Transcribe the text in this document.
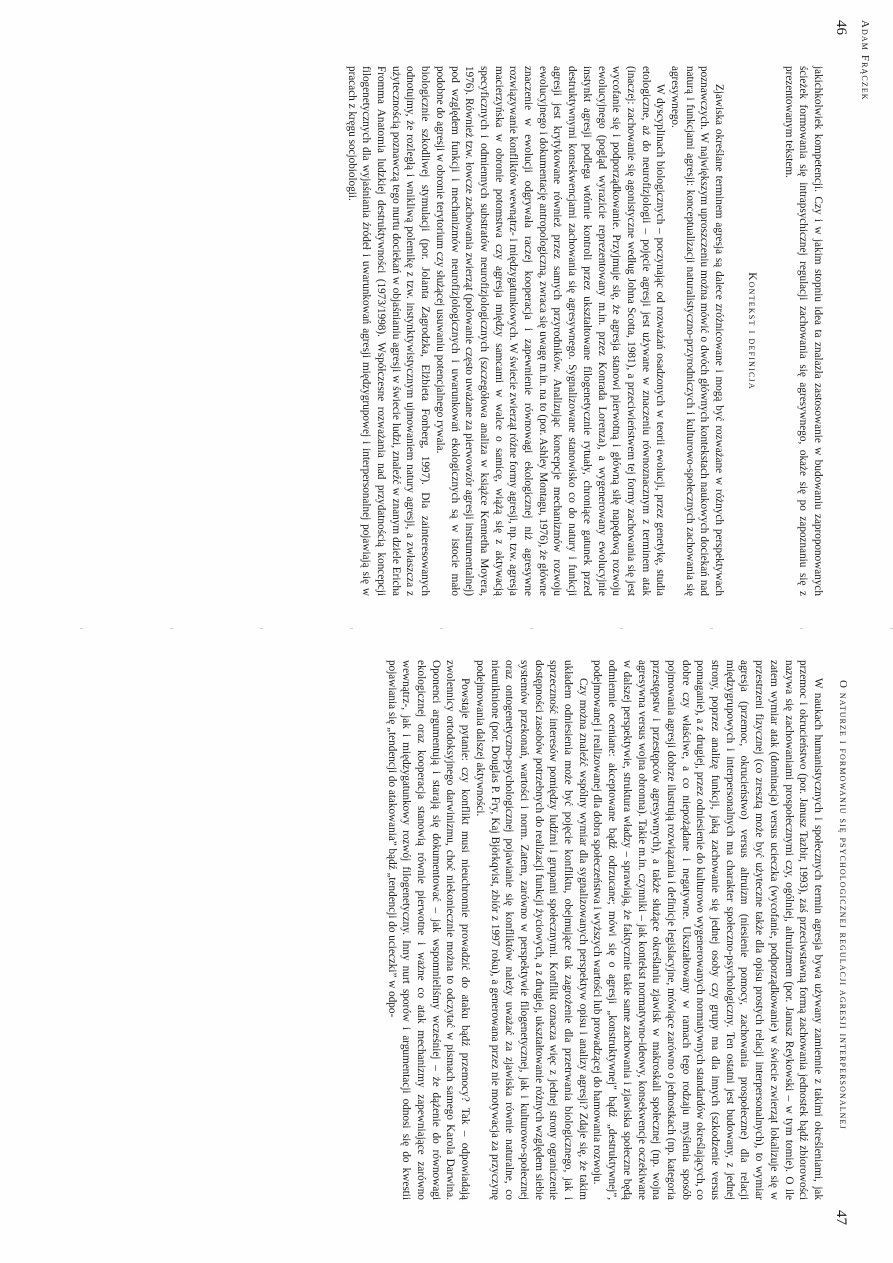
Adam Frączek
46

jakichkolwiek kompetencji. Czy i w jakim stopniu idea ta znalazła zastosowanie w budowaniu zaproponowanych ścieżek formowania się intrapsychicznej regulacji zachowania się agresywnego, okaże się po zapoznaniu się z prezentowanym tekstem.

Kontekst i definicja

Zjawiska określane terminem agresja są dalece zróżnicowane i mogą być rozważane w różnych perspektywach poznawczych. W największym uproszczeniu można mówić o dwóch głównych kontekstach naukowych dociekań nad naturą i funkcjami agresji: konceptualizacji naturalistyczno-przyrodniczych i kulturowo-społecznych zachowania się agresywnego.

W dyscyplinach biologicznych – poczynając od rozważań osadzonych w teorii ewolucji, przez genetykę, studia etologiczne, aż do neurofizjologii – pojęcie agresji jest używane w znaczeniu równoznacznym z terminem atak (inaczej: zachowanie się agonistyczne według Johna Scotta, 1981), a przeciwieństwem tej formy zachowania się jest wycofanie się i podporządkowanie. Przyjmuje się, że agresja stanowi pierwotną i główną siłę napędową rozwoju ewolucyjnego (pogląd wyrazicie reprezentowany m.in. przez Konrada Lorenza), a wygenerowany ewolucyjnie instynkt agresji podlega wtórnie kontroli przez ukształtowane filogenetycznie rytuały, chroniące gatunek przed destruktywnymi konsekwencjami zachowania się agresywnego. Sygnalizowane stanowisko co do natury i funkcji agresji jest krytykowane również przez samych przyrodników. Analizując koncepcje mechanizmów rozwoju ewolucyjnego i dokumentację antropologiczną, zwraca się uwagę m.in. na to (por. Ashley Montagu, 1976), że główne znaczenie w ewolucji odgrywała raczej kooperacja i zapewnienie równowagi ekologicznej niż agresywne rozwiązywanie konfliktów wewnątrz- i międzygatunkowych. W świecie zwierząt różne formy agresji, np. tzw. agresja macierzyńska w obronie potomstwa czy agresja między samcami w walce o samicę, wiążą się z aktywacją specyficznych i odmiennych substratów neurofizjologicznych (szczegółowa analiza w książce Kennetha Moyera, 1976). Również tzw. łowcze zachowania zwierząt (polowanie często uważane za pierwowzór agresji instrumentalnej) pod względem funkcji i mechanizmów neurofizjologicznych i uwarunkowań ekologicznych są w istocie mało podobne do agresji w obronie terytorium czy służącej usuwaniu potencjalnego rywala.

biologicznie szkodliwej stymulacji (por. Jolanta Zagrodzka, Elżbieta Fonberg, 1997). Dla zainteresowanych odnotujmy, że rozległą i wnikliwą polemikę z tzw. instynktywistycznym ujmowaniem natury agresji, a zwłaszcza z użytecznością poznawczą tego nurtu dociekań w objaśnianiu agresji w świecie ludzi, znaleźć w znanym dziele Ericha Fromma Anatomia ludzkiej destruktywności (1973/1998). Współczesne rozważania nad przydatnością koncepcji filogenetycznych dla wyjaśniania źródeł i uwarunkowań agresji międzygrupowej i interpersonalnej pojawiają się w pracach z kręgu socjobiologii.

O naturze i formowaniu się psychologicznej regulacji agresji interpersonalnej
47

W naukach humanistycznych i społecznych termin agresja bywa używany zamiennie z takimi określeniami, jak przemoc i okrucieństwo (por. Janusz Tazbir, 1993), zaś przeciwstawną formą zachowania jednostek bądź zbiorowości nazywa się zachowaniami prospołecznymi czy, ogólniej, altruizmem (por. Janusz Reykowski – w tym tomie). O ile zatem wymiar atak (dominacja) versus ucieczka (wycofanie, podporządkowanie) w świecie zwierząt lokalizuje się w przestrzeni fizycznej (co zresztą może być użyteczne także dla opisu prostych relacji interpersonalnych), to wymiar agresja (przemoc, okrucieństwo) versus altruizm (niesienie pomocy, zachowania prospołeczne) dla relacji międzygrupowych i interpersonalnych ma charakter społeczno-psychologiczny. Ten ostatni jest budowany, z jednej strony, poprzez analizę funkcji, jaką zachowanie się jednej osoby czy grupy ma dla innych (szkodzenie versus pomaganie), a z drugiej, przez odniesienie do kulturowo wygenerowanych normatywnych standardów określających, co dobre czy właściwe, a co niepożądane i negatywne. Ukształtowany w ramach tego rodzaju myślenia sposób pojmowania agresji dobrze ilustrują rozwiązania i definicje legislacyjne, mówiące zarówno o jednostkach (np. kategoria przestępstw i przestępców agresywnych), a także służące określaniu zjawisk w makroskali społecznej (np. wojna agresywna versus wojna obronna). Takie m.in. czynniki – jak kontekst normatywno-ideowy, konsekwencje oczekiwane w dalszej perspektywie, struktura władzy – sprawiają, że faktycznie takie same zachowania i zjawiska społeczne będą odmiennie oceniane: akceptowane bądź odrzucane; mówi się o agresji „konstruktywnej” bądź „destruktywnej”, podejmowanej i realizowanej dla dobra społeczeństwa i wyższych wartości lub prowadzącej do hamowania rozwoju.

Czy można znaleźć wspólny wymiar dla sygnalizowanych perspektyw opisu i analizy agresji? Zdaje się, że takim układem odniesienia może być pojęcie konfliktu, obejmujące tak zagrożenie dla przetrwania biologicznego, jak i sprzeczność interesów pomiędzy ludźmi i grupami społecznymi. Konflikt oznacza więc z jednej strony ograniczenie dostępności zasobów potrzebnych do realizacji funkcji życiowych, a z drugiej, ukształtowanie różnych względem siebie systemów przekonań, wartości i norm. Zatem, zarówno w perspektywie filogenetycznej, jak i kulturowo-społecznej oraz ontogenetyczno-psychologicznej pojawianie się konfliktów należy uważać za zjawiska równie naturalne, co nieuniknione (por. Douglas P. Fry, Kaj Björkqvist, zbiór z 1997 roku), a generowana przez nie motywacja za przyczynę podejmowania dalszej aktywności.

Powstaje pytanie: czy konflikt musi nieuchronnie prowadzić do ataku bądź przemocy? Tak – odpowiadają zwolennicy ortodoksyjnego darwinizmu, choć niekoniecznie można to odczytać w pismach samego Karola Darwina. Oponenci argumentują i starają się dokumentować – jak wspomnieliśmy wcześniej – że dążenie do równowagi ekologicznej oraz kooperacja stanowią równie pierwotne i ważne co atak mechanizmy zapewniające zarówno wewnątrz-, jak i międzygatunkowy rozwój filogenetyczny. Inny nurt sporów i argumentacji odnosi się do kwestii pojawiania się „tendencji do atakowania” bądź „tendencji do ucieczki” w odpo-
